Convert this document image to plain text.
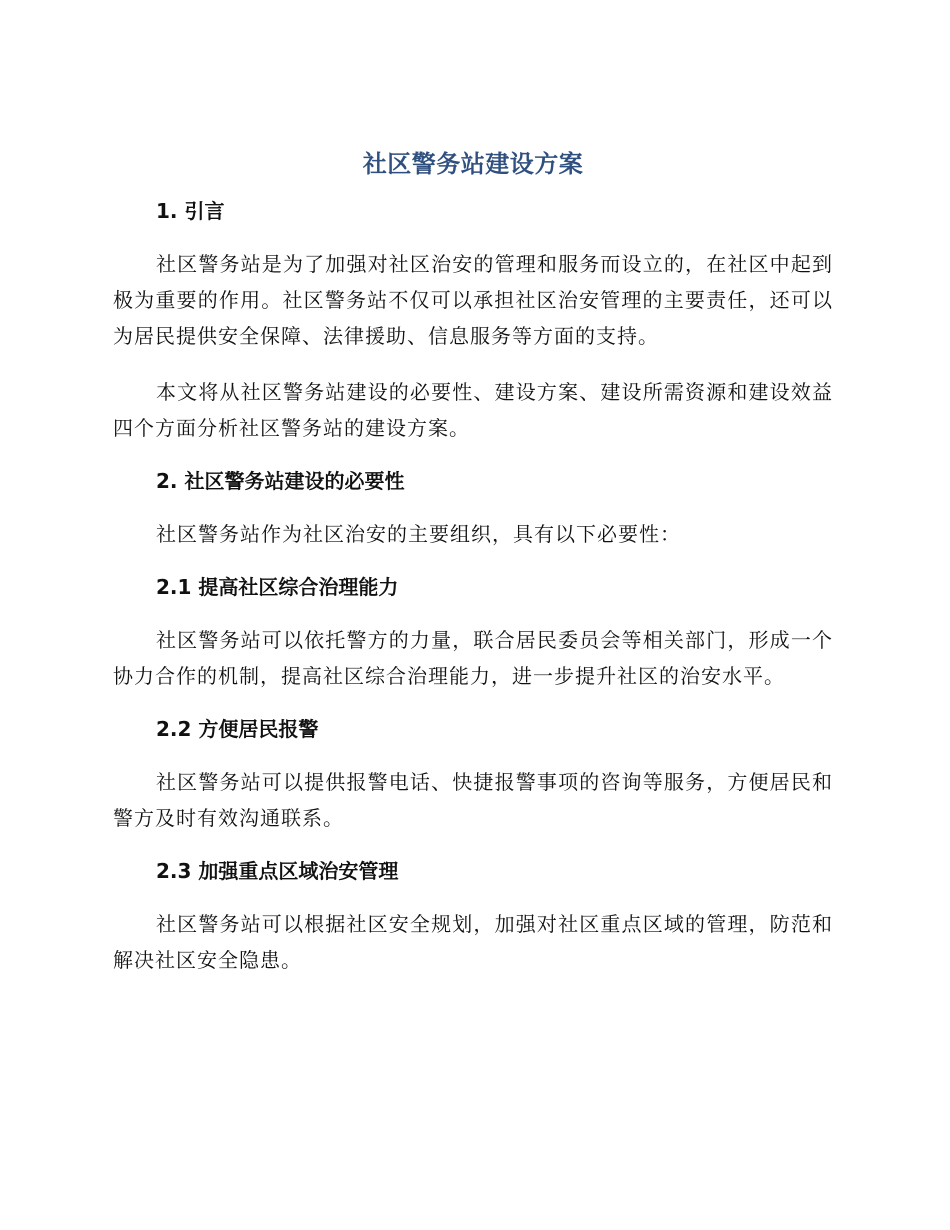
社区警务站建设方案
1. 引言

社区警务站是为了加强对社区治安的管理和服务而设立的，在社区中起到极为重要的作用。社区警务站不仅可以承担社区治安管理的主要责任，还可以为居民提供安全保障、法律援助、信息服务等方面的支持。

本文将从社区警务站建设的必要性、建设方案、建设所需资源和建设效益四个方面分析社区警务站的建设方案。

2. 社区警务站建设的必要性

社区警务站作为社区治安的主要组织，具有以下必要性：

2.1 提高社区综合治理能力

社区警务站可以依托警方的力量，联合居民委员会等相关部门，形成一个协力合作的机制，提高社区综合治理能力，进一步提升社区的治安水平。

2.2 方便居民报警

社区警务站可以提供报警电话、快捷报警事项的咨询等服务，方便居民和警方及时有效沟通联系。

2.3 加强重点区域治安管理

社区警务站可以根据社区安全规划，加强对社区重点区域的管理，防范和解决社区安全隐患。
